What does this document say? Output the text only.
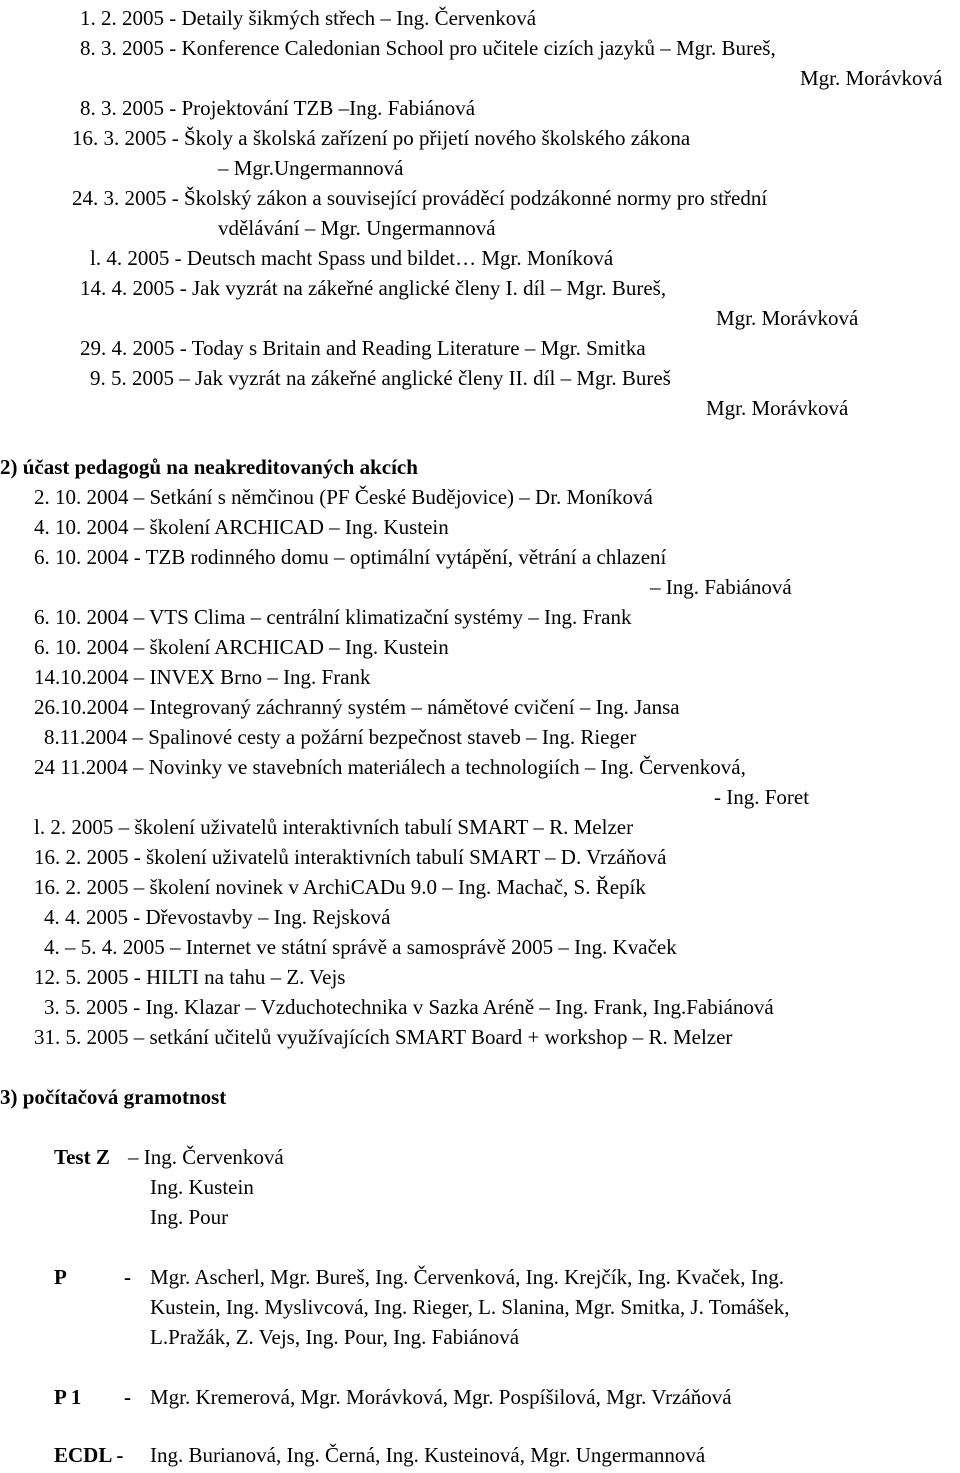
1. 2. 2005 - Detaily šikmých střech – Ing. Červenková
8. 3. 2005 - Konference Caledonian School pro učitele cizích jazyků – Mgr. Bureš,
Mgr. Morávková
8. 3. 2005 - Projektování TZB –Ing. Fabiánová
16. 3. 2005 - Školy a školská zařízení po přijetí nového školského zákona
– Mgr.Ungermannová
24. 3. 2005 - Školský zákon a související prováděcí podzákonné normy pro střední
vdělávání – Mgr. Ungermannová
l. 4. 2005 - Deutsch macht Spass und bildet… Mgr. Moníková
14. 4. 2005 - Jak vyzrát na zákeřné anglické členy I. díl – Mgr. Bureš,
Mgr. Morávková
29. 4. 2005 - Today s Britain and Reading Literature – Mgr. Smitka
9. 5. 2005 – Jak vyzrát na zákeřné anglické členy II. díl – Mgr. Bureš
Mgr. Morávková
2) účast pedagogů na neakreditovaných akcích
2. 10. 2004 – Setkání s němčinou (PF České Budějovice) – Dr. Moníková
4. 10. 2004 – školení ARCHICAD – Ing. Kustein
6. 10. 2004 - TZB rodinného domu – optimální vytápění, větrání a chlazení
– Ing. Fabiánová
6. 10. 2004 – VTS Clima – centrální klimatizační systémy – Ing. Frank
6. 10. 2004 – školení ARCHICAD – Ing. Kustein
14.10.2004 – INVEX Brno – Ing. Frank
26.10.2004 – Integrovaný záchranný systém – námětové cvičení – Ing. Jansa
8.11.2004 – Spalinové cesty a požární bezpečnost staveb – Ing. Rieger
24 11.2004 – Novinky ve stavebních materiálech a technologiích – Ing. Červenková,
- Ing. Foret
l. 2. 2005 – školení uživatelů interaktivních tabulí SMART – R. Melzer
16. 2. 2005 - školení uživatelů interaktivních tabulí SMART – D. Vrzáňová
16. 2. 2005 – školení novinek v ArchiCADu 9.0 – Ing. Machač, S. Řepík
4. 4. 2005 - Dřevostavby – Ing. Rejsková
4. – 5. 4. 2005 – Internet ve státní správě a samosprávě 2005 – Ing. Kvaček
12. 5. 2005 - HILTI na tahu – Z. Vejs
3. 5. 2005 - Ing. Klazar – Vzduchotechnika v Sazka Aréně – Ing. Frank, Ing.Fabiánová
31. 5. 2005 – setkání učitelů využívajících SMART Board + workshop – R. Melzer
3) počítačová gramotnost
Test Z – Ing. Červenková
Ing. Kustein
Ing. Pour
P	- Mgr. Ascherl, Mgr. Bureš, Ing. Červenková, Ing. Krejčík, Ing. Kvaček, Ing.
Kustein, Ing. Myslivcová, Ing. Rieger, L. Slanina, Mgr. Smitka, J. Tomášek,
L.Pražák, Z. Vejs, Ing. Pour, Ing. Fabiánová
P 1 - Mgr. Kremerová, Mgr. Morávková, Mgr. Pospíšilová, Mgr. Vrzáňová
ECDL - Ing. Burianová, Ing. Černá, Ing. Kusteinová, Mgr. Ungermannová
